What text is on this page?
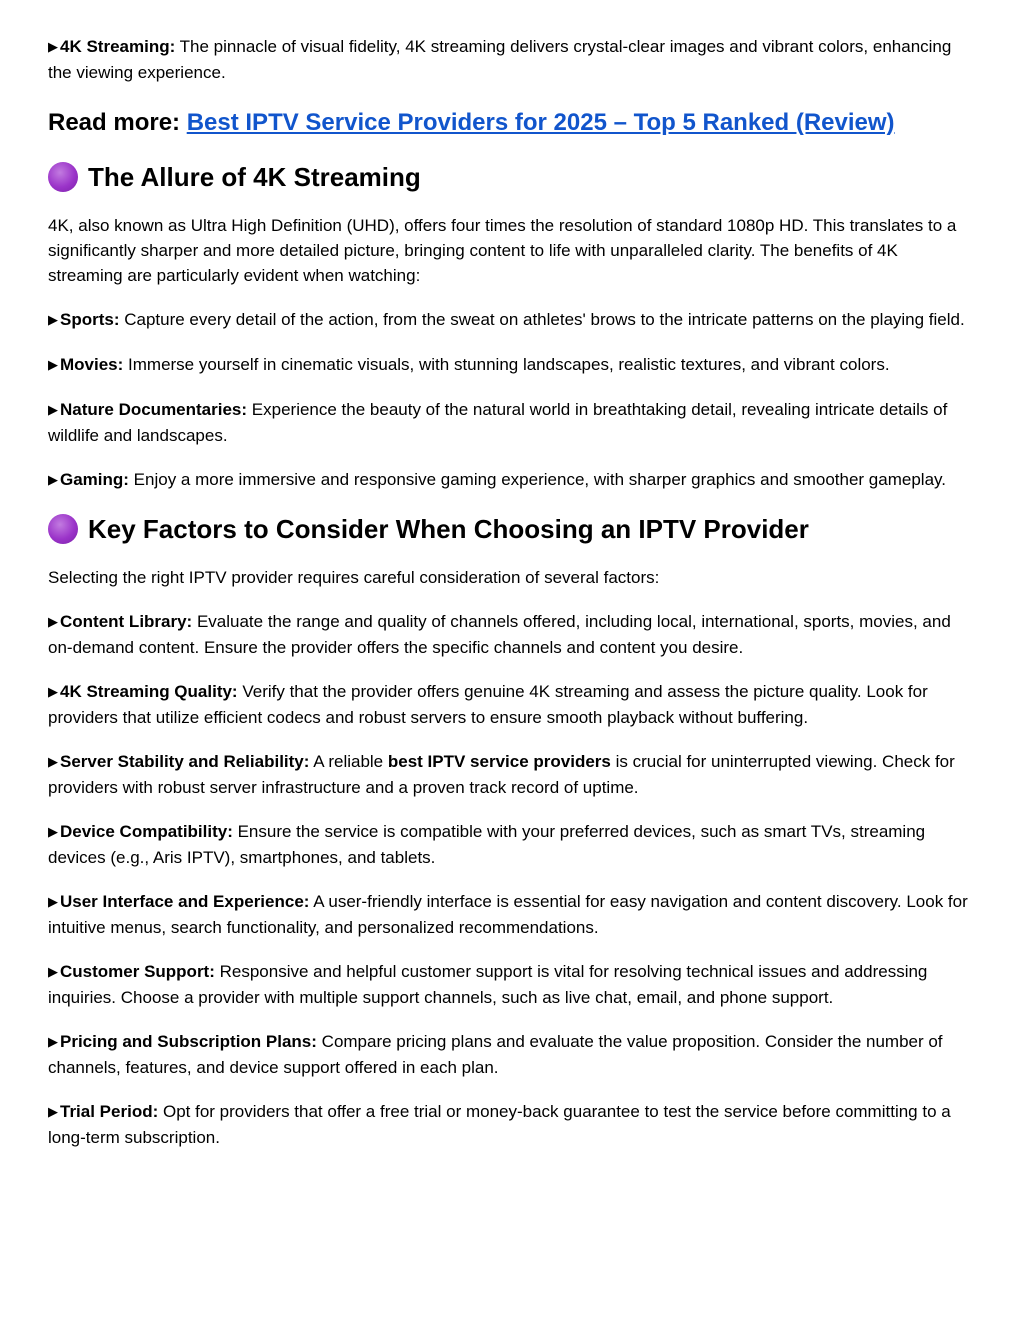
▶ 4K Streaming: The pinnacle of visual fidelity, 4K streaming delivers crystal-clear images and vibrant colors, enhancing the viewing experience.

Read more: Best IPTV Service Providers for 2025 – Top 5 Ranked (Review)
The Allure of 4K Streaming

4K, also known as Ultra High Definition (UHD), offers four times the resolution of standard 1080p HD. This translates to a significantly sharper and more detailed picture, bringing content to life with unparalleled clarity. The benefits of 4K streaming are particularly evident when watching:

▶ Sports: Capture every detail of the action, from the sweat on athletes' brows to the intricate patterns on the playing field.

▶ Movies: Immerse yourself in cinematic visuals, with stunning landscapes, realistic textures, and vibrant colors.

▶ Nature Documentaries: Experience the beauty of the natural world in breathtaking detail, revealing intricate details of wildlife and landscapes.

▶ Gaming: Enjoy a more immersive and responsive gaming experience, with sharper graphics and smoother gameplay.

Key Factors to Consider When Choosing an IPTV Provider

Selecting the right IPTV provider requires careful consideration of several factors:

▶ Content Library: Evaluate the range and quality of channels offered, including local, international, sports, movies, and on-demand content. Ensure the provider offers the specific channels and content you desire.

▶ 4K Streaming Quality: Verify that the provider offers genuine 4K streaming and assess the picture quality. Look for providers that utilize efficient codecs and robust servers to ensure smooth playback without buffering.

▶ Server Stability and Reliability: A reliable best IPTV service providers is crucial for uninterrupted viewing. Check for providers with robust server infrastructure and a proven track record of uptime.

▶ Device Compatibility: Ensure the service is compatible with your preferred devices, such as smart TVs, streaming devices (e.g., Aris IPTV), smartphones, and tablets.

▶ User Interface and Experience: A user-friendly interface is essential for easy navigation and content discovery. Look for intuitive menus, search functionality, and personalized recommendations.

▶ Customer Support: Responsive and helpful customer support is vital for resolving technical issues and addressing inquiries. Choose a provider with multiple support channels, such as live chat, email, and phone support.

▶ Pricing and Subscription Plans: Compare pricing plans and evaluate the value proposition. Consider the number of channels, features, and device support offered in each plan.

▶ Trial Period: Opt for providers that offer a free trial or money-back guarantee to test the service before committing to a long-term subscription.
